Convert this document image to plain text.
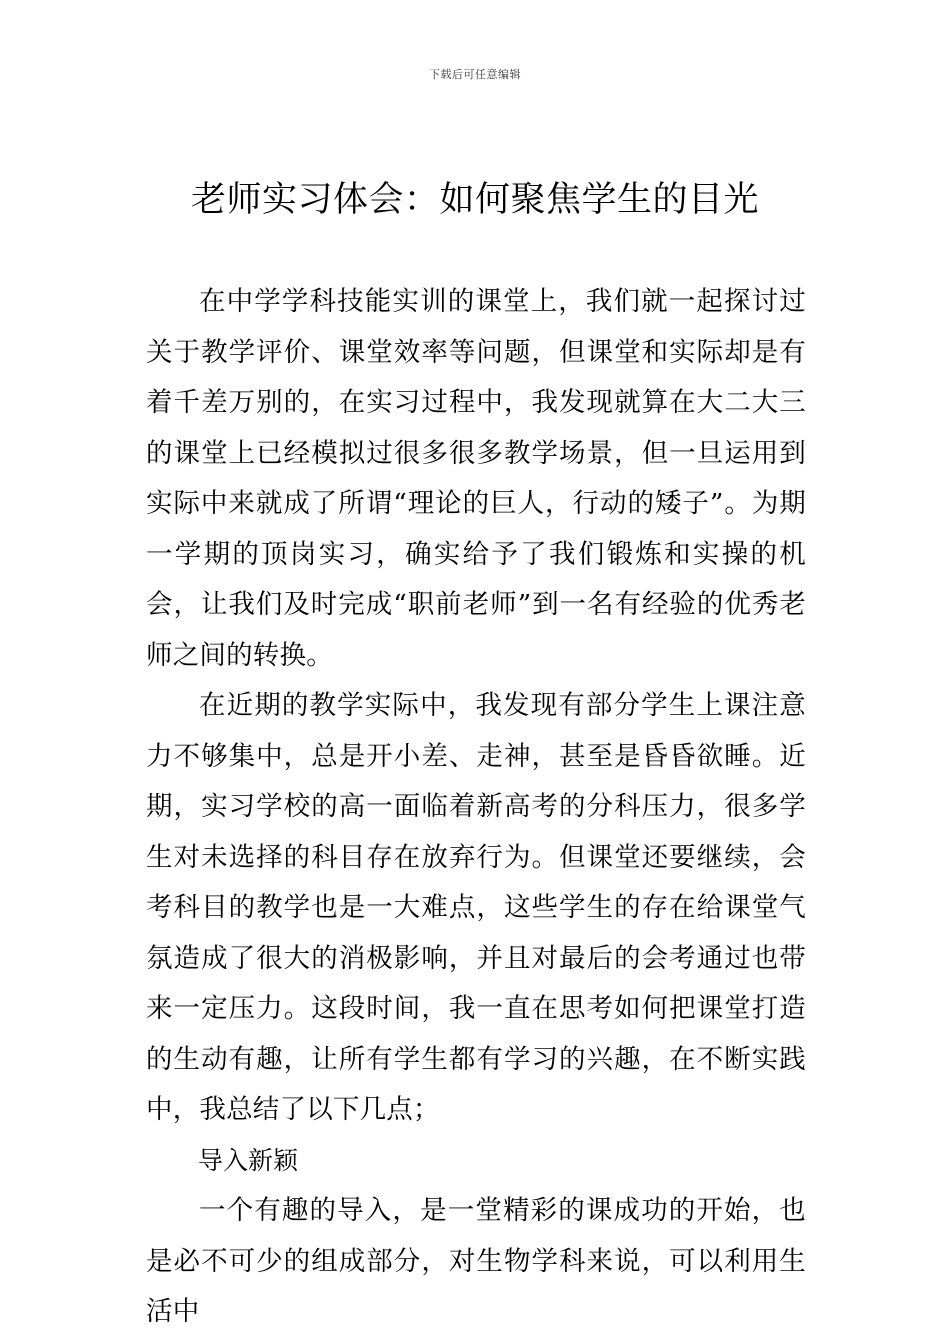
下载后可任意编辑
老师实习体会：如何聚焦学生的目光

在中学学科技能实训的课堂上，我们就一起探讨过关于教学评价、课堂效率等问题，但课堂和实际却是有着千差万别的，在实习过程中，我发现就算在大二大三的课堂上已经模拟过很多很多教学场景，但一旦运用到实际中来就成了所谓“理论的巨人，行动的矮子”。为期一学期的顶岗实习，确实给予了我们锻炼和实操的机会，让我们及时完成“职前老师”到一名有经验的优秀老师之间的转换。

在近期的教学实际中，我发现有部分学生上课注意力不够集中，总是开小差、走神，甚至是昏昏欲睡。近期，实习学校的高一面临着新高考的分科压力，很多学生对未选择的科目存在放弃行为。但课堂还要继续，会考科目的教学也是一大难点，这些学生的存在给课堂气氛造成了很大的消极影响，并且对最后的会考通过也带来一定压力。这段时间，我一直在思考如何把课堂打造的生动有趣，让所有学生都有学习的兴趣，在不断实践中，我总结了以下几点；

导入新颖

一个有趣的导入，是一堂精彩的课成功的开始，也是必不可少的组成部分，对生物学科来说，可以利用生活中
